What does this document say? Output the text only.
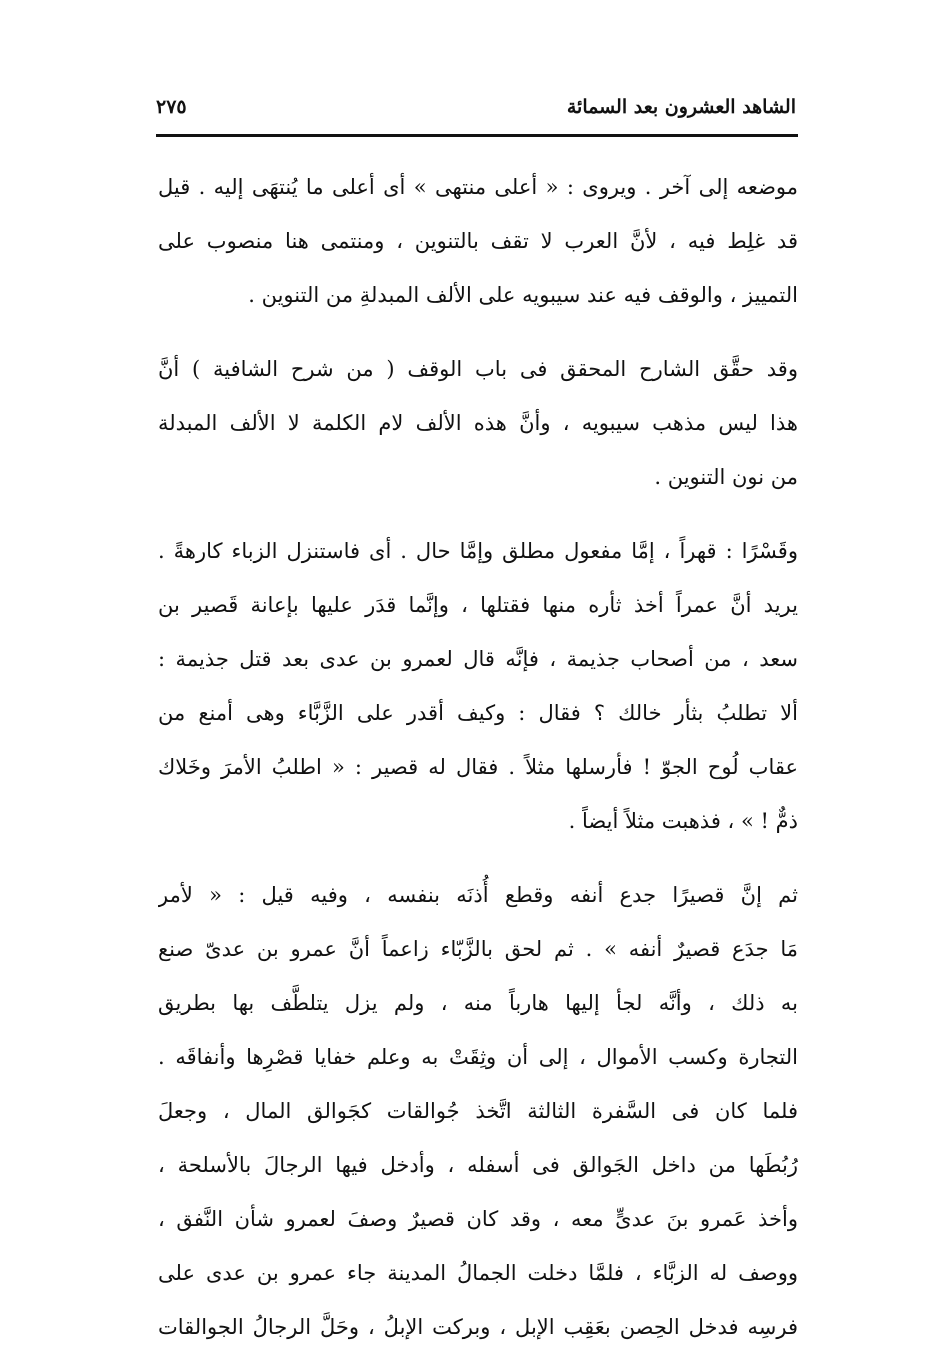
الشاهد العشرون بعد السمائة
٢٧٥
موضعه إلى آخر . ويروى : « أعلى منتهى » أى أعلى ما يُنتهَى إليه . قيل
قد غلِط فيه ، لأنَّ العرب لا تقف بالتنوين ، ومنتمى هنا منصوب على
التمييز ، والوقف فيه عند سيبويه على الألف المبدلةِ من التنوين .
وقد حقَّق الشارح المحقق فى باب الوقف ( من شرح الشافية ) أنَّ
هذا ليس مذهب سيبويه ، وأنَّ هذه الألف لام الكلمة لا الألف المبدلة
من نون التنوين .
وقَسْرًا : قهراً ، إمَّا مفعول مطلق وإمَّا حال . أى فاستنزل الزباء كارهةً .
يريد أنَّ عمراً أخذ ثأره منها فقتلها ، وإنَّما قدَر عليها بإعانة قَصير بن
سعد ، من أصحاب جذيمة ، فإنَّه قال لعمرو بن عدى بعد قتل جذيمة :
ألا تطلبُ بثأر خالك ؟ فقال : وكيف أقدر على الزَّبَّاء وهى أمنع من
عقاب لُوح الجوّ ! فأرسلها مثلاً . فقال له قصير : « اطلبُ الأمرَ وخَلاك
ذمٌّ ! » ، فذهبت مثلاً أيضاً .
ثم إنَّ قصيرًا جدع أنفه وقطع أُذنَه بنفسه ، وفيه قيل : « لأمر
مَا جدَع قصيرٌ أنفه » . ثم لحق بالزَّبّاء زاعماً أنَّ عمرو بن عدىّ صنع
به ذلك ، وأنَّه لجأ إليها هارباً منه ، ولم يزل يتلطَّف بها بطريق
التجارة وكسب الأموال ، إلى أن وثِقَتْ به وعلم خفايا قصْرِها وأنفاقَه .
فلما كان فى السَّفرة الثالثة اتَّخذ جُوالقات كجَوالق المال ، وجعلَ
رُبُطَها من داخل الجَوالق فى أسفله ، وأدخل فيها الرجالَ بالأسلحة ،
وأخذ عَمرو بنَ عدىٍّ معه ، وقد كان قصيرٌ وصفَ لعمرو شأن النَّفق ،
ووصف له الزبَّاء ، فلمَّا دخلت الجمالُ المدينة جاء عمرو بن عدى على
فرسِه فدخل الحِصن بعَقِب الإبل ، وبركت الإبلُ ، وحَلَّ الرجالُ الجوالقات
